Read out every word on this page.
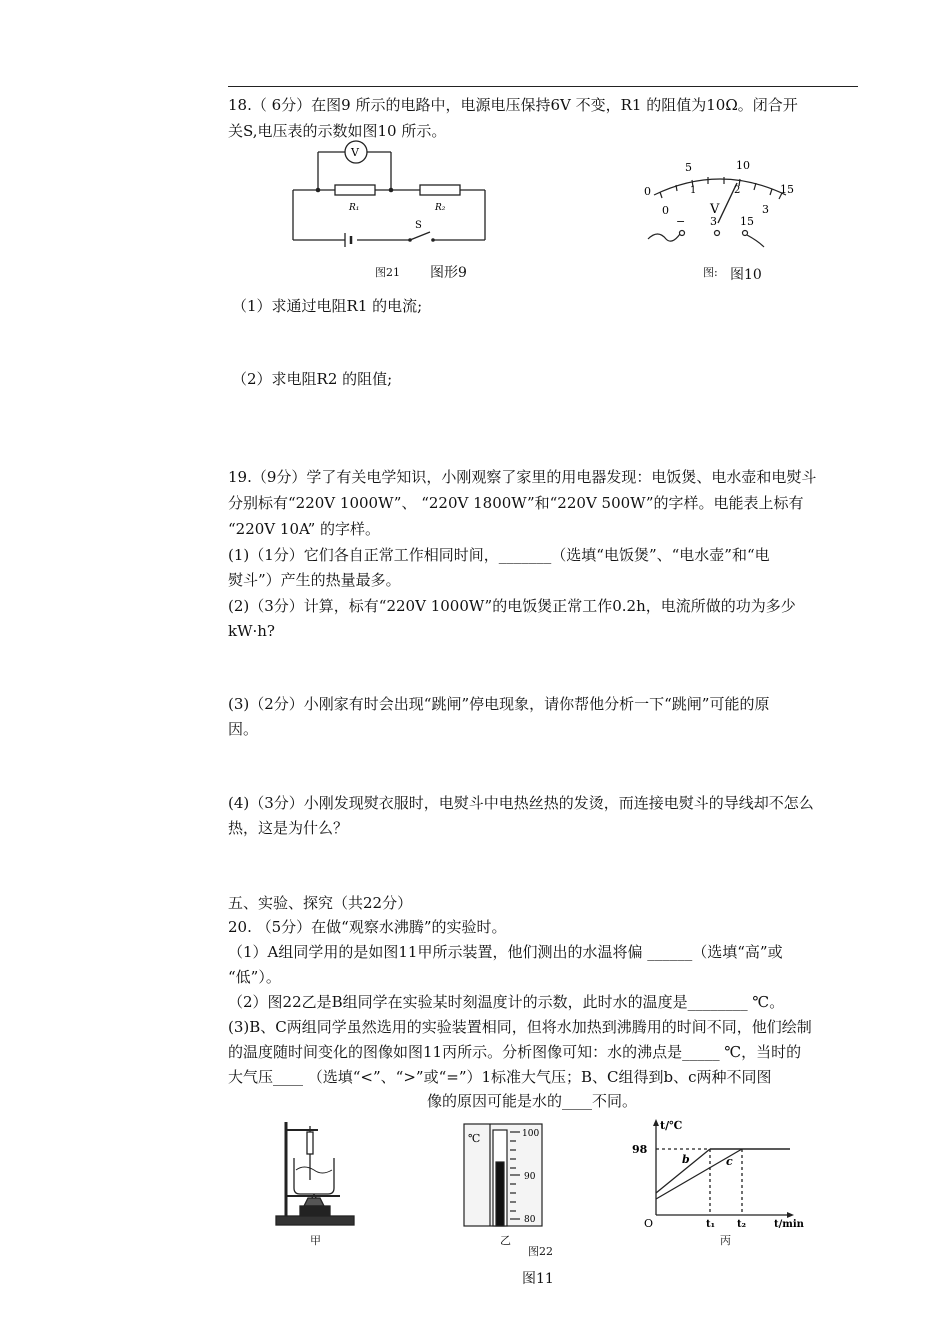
18.（ 6分）在图9 所示的电路中，电源电压保持6V 不变，R1 的阻值为10Ω。闭合开
关S,电压表的示数如图10 所示。
V
R₁	R₂
S
图21 图形9
5	10
0	15
0
1	2
3
V
− 3 15
图: 图10
（1）求通过电阻R1 的电流;
（2）求电阻R2 的阻值;
19.（9分）学了有关电学知识，小刚观察了家里的用电器发现：电饭煲、电水壶和电熨斗
分别标有“220V 1000W”、 “220V 1800W”和“220V 500W”的字样。电能表上标有
“220V 10A” 的字样。
(1)（1分）它们各自正常工作相同时间，_______（选填“电饭煲”、“电水壶”和“电
熨斗”）产生的热量最多。
(2)（3分）计算，标有“220V 1000W”的电饭煲正常工作0.2h，电流所做的功为多少
kW·h?
(3)（2分）小刚家有时会出现“跳闸”停电现象，请你帮他分析一下“跳闸”可能的原
因。
(4)（3分）小刚发现熨衣服时，电熨斗中电热丝热的发烫，而连接电熨斗的导线却不怎么
热，这是为什么？
五、实验、探究（共22分）
20. （5分）在做“观察水沸腾”的实验时。
（1）A组同学用的是如图11甲所示装置，他们测出的水温将偏 ______（选填“高”或
“低”）。
（2）图22乙是B组同学在实验某时刻温度计的示数，此时水的温度是________ ℃。
(3)B、C两组同学虽然选用的实验装置相同，但将水加热到沸腾用的时间不同，他们绘制
的温度随时间变化的图像如图11丙所示。分析图像可知：水的沸点是_____ ℃，当时的
大气压____ （选填“<”、“>”或“=”）1标准大气压；B、C组得到b、c两种不同图
像的原因可能是水的____不同。
℃	100
90
80
t/℃
t/min
O
98
t₁ t₂
b	c
甲	乙
图22
丙
图11
